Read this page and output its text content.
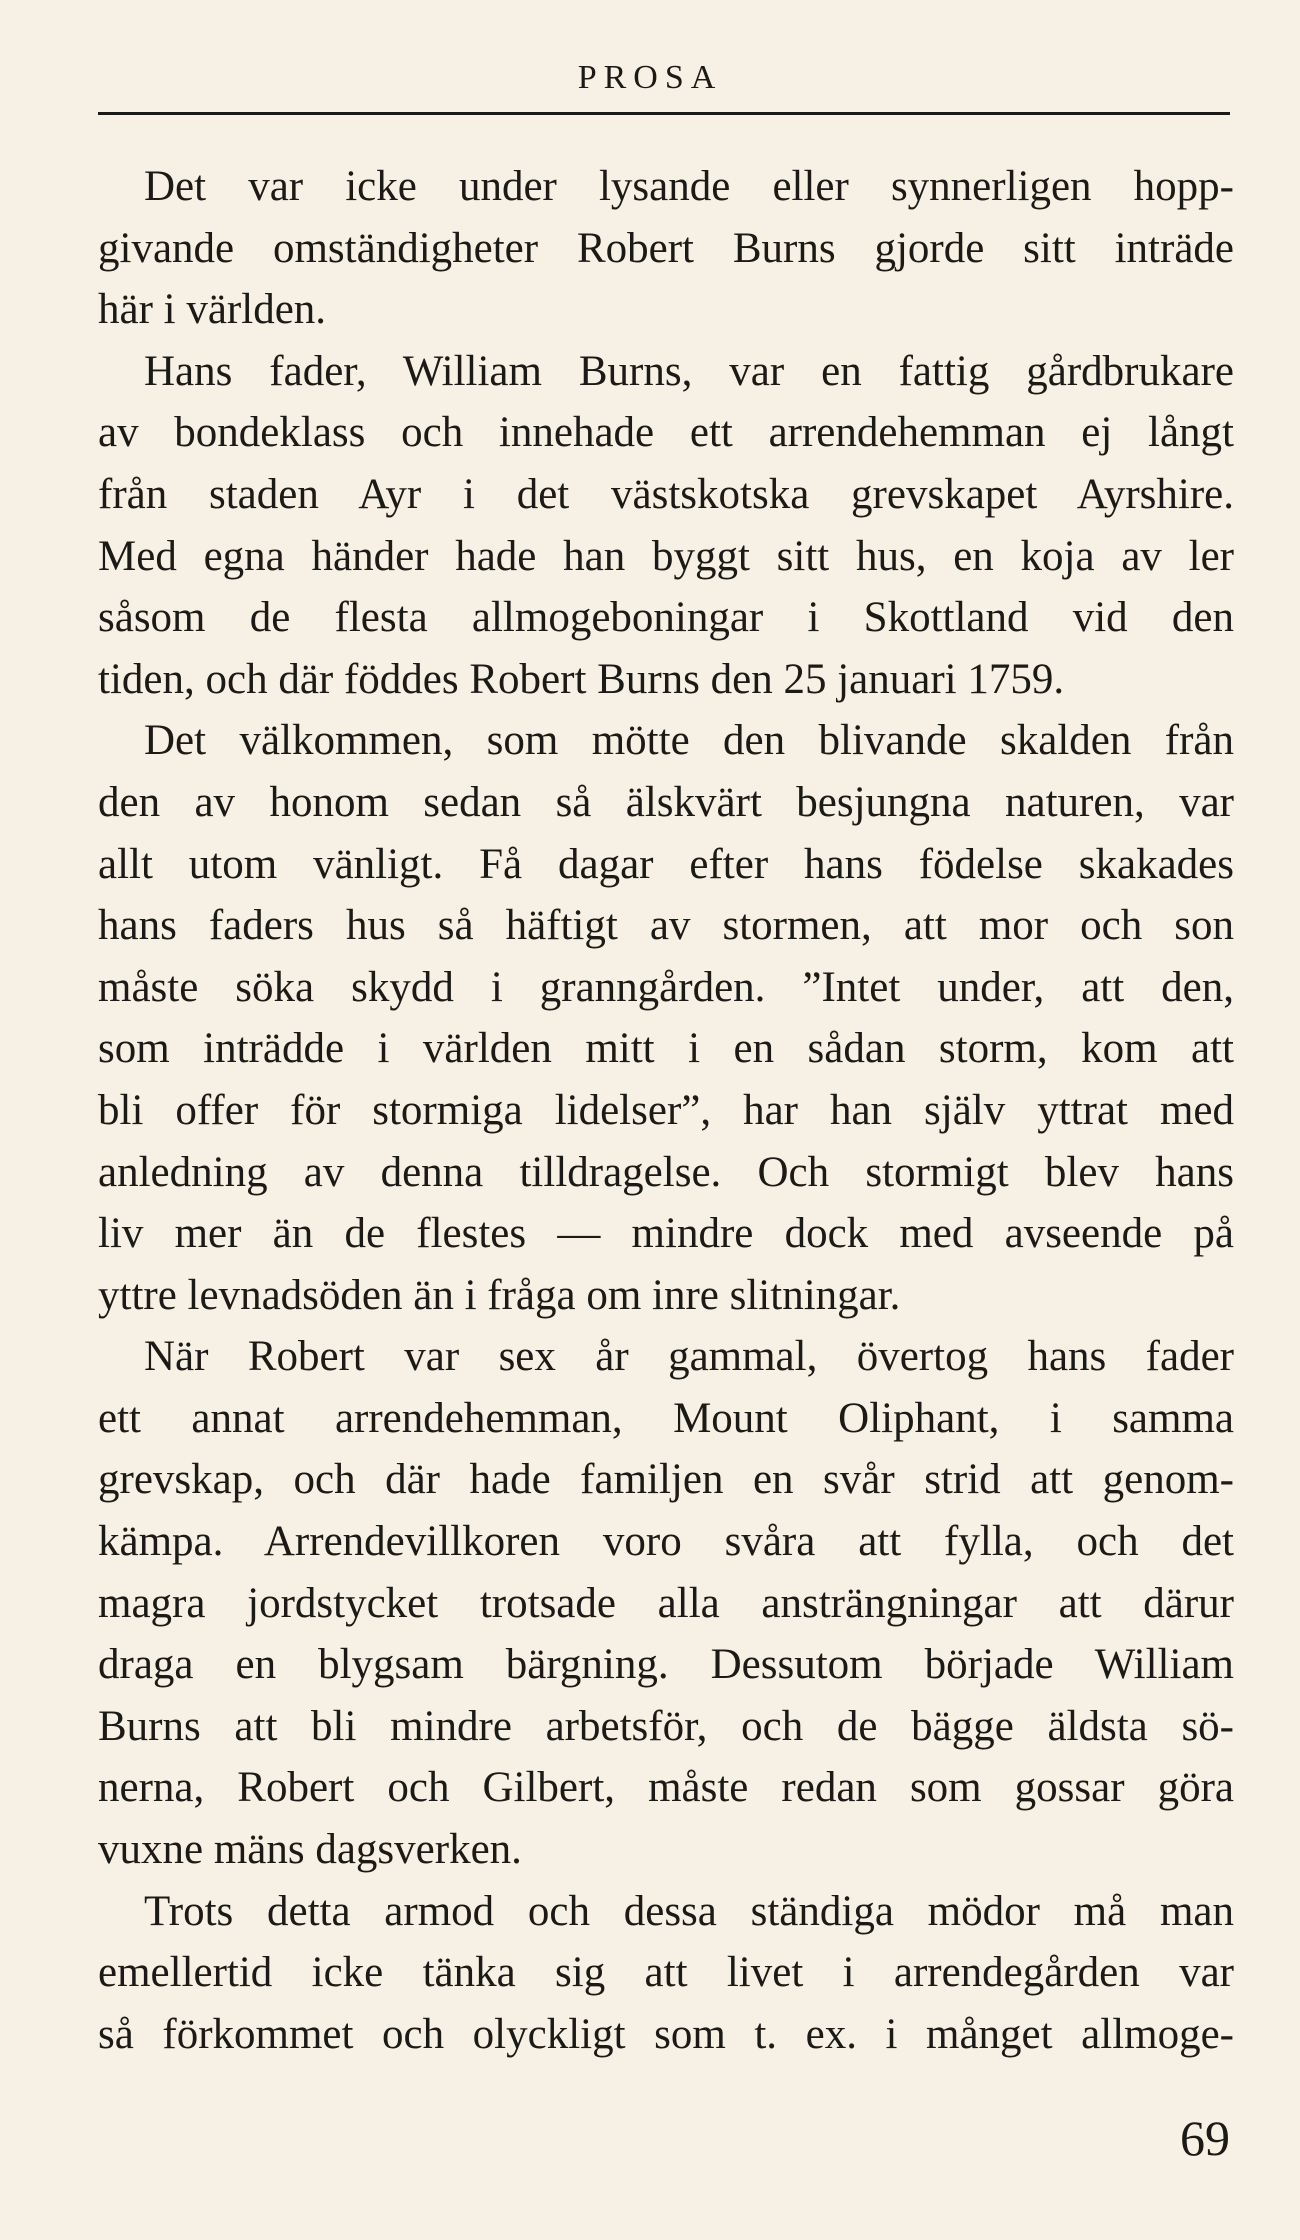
PROSA
Det var icke under lysande eller synnerligen hopp-
givande omständigheter Robert Burns gjorde sitt inträde
här i världen.
Hans fader, William Burns, var en fattig gårdbrukare
av bondeklass och innehade ett arrendehemman ej långt
från staden Ayr i det västskotska grevskapet Ayrshire.
Med egna händer hade han byggt sitt hus, en koja av ler
såsom de flesta allmogeboningar i Skottland vid den
tiden, och där föddes Robert Burns den 25 januari 1759.
Det välkommen, som mötte den blivande skalden från
den av honom sedan så älskvärt besjungna naturen, var
allt utom vänligt. Få dagar efter hans födelse skakades
hans faders hus så häftigt av stormen, att mor och son
måste söka skydd i granngården. ”Intet under, att den,
som inträdde i världen mitt i en sådan storm, kom att
bli offer för stormiga lidelser”, har han själv yttrat med
anledning av denna tilldragelse. Och stormigt blev hans
liv mer än de flestes — mindre dock med avseende på
yttre levnadsöden än i fråga om inre slitningar.
När Robert var sex år gammal, övertog hans fader
ett annat arrendehemman, Mount Oliphant, i samma
grevskap, och där hade familjen en svår strid att genom-
kämpa. Arrendevillkoren voro svåra att fylla, och det
magra jordstycket trotsade alla ansträngningar att därur
draga en blygsam bärgning. Dessutom började William
Burns att bli mindre arbetsför, och de bägge äldsta sö-
nerna, Robert och Gilbert, måste redan som gossar göra
vuxne mäns dagsverken.
Trots detta armod och dessa ständiga mödor må man
emellertid icke tänka sig att livet i arrendegården var
så förkommet och olyckligt som t. ex. i månget allmoge-
69
